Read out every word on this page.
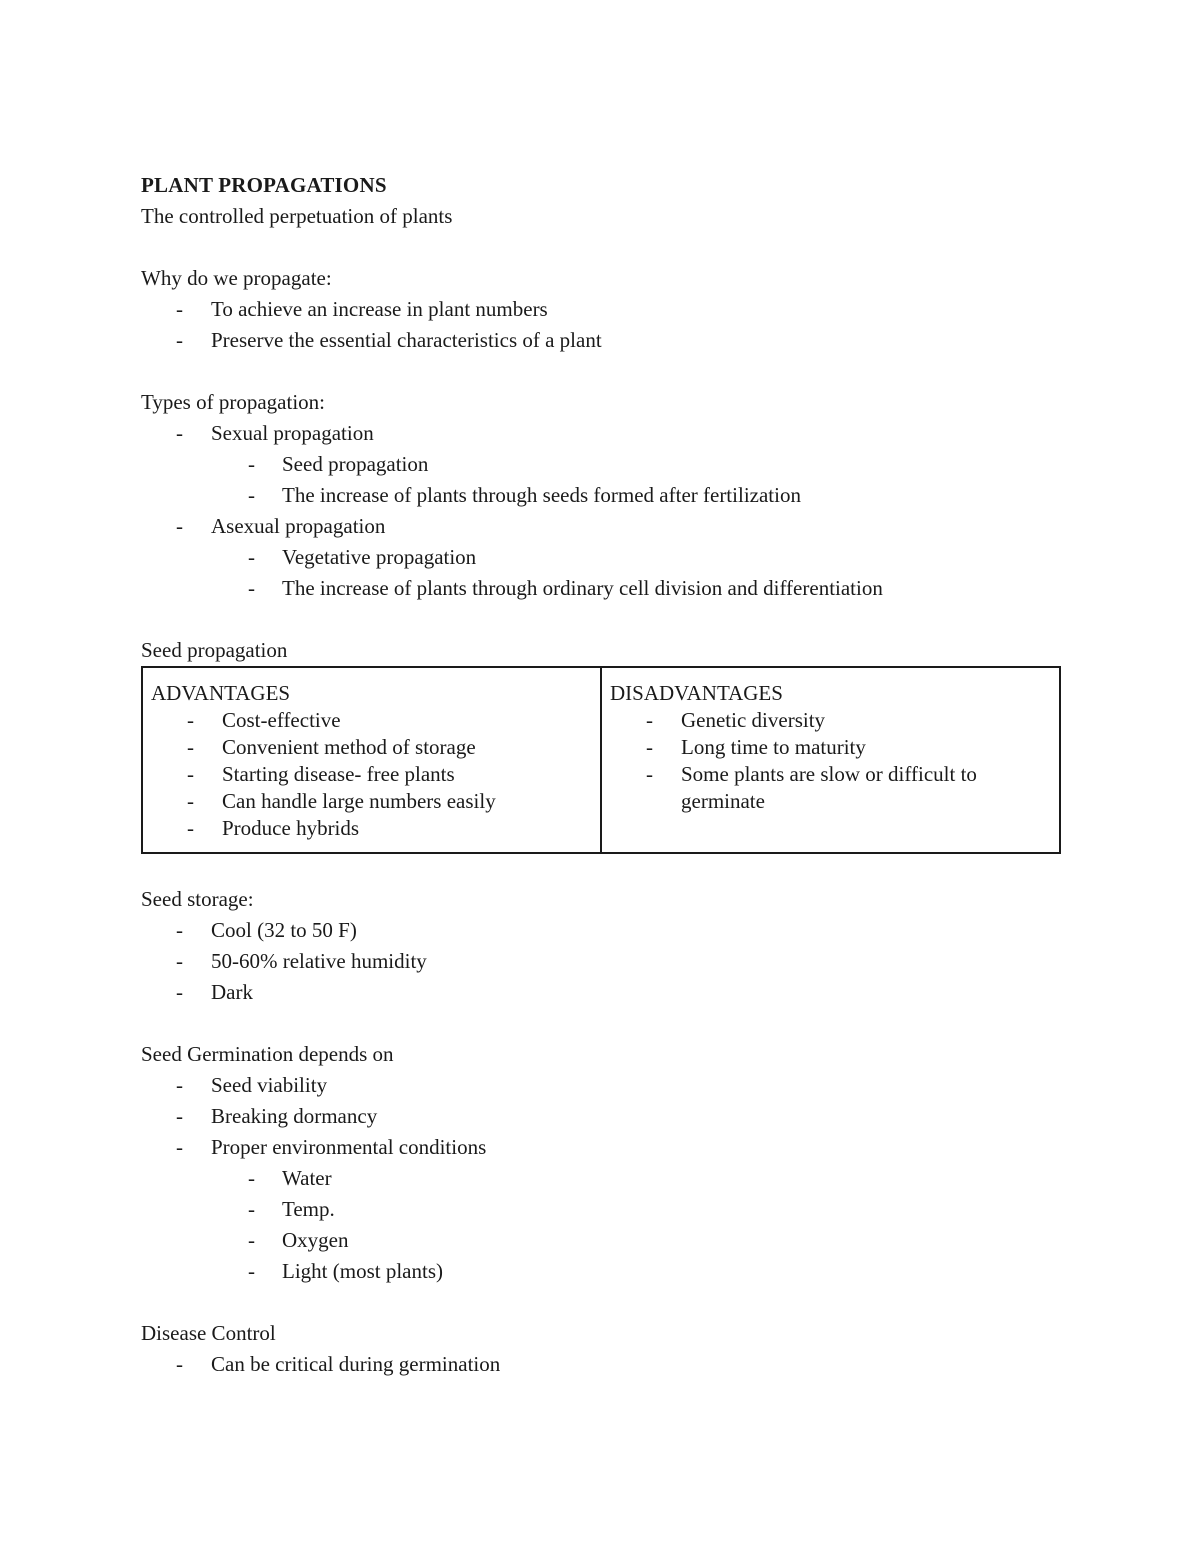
PLANT PROPAGATIONS
The controlled perpetuation of plants
Why do we propagate:
- To achieve an increase in plant numbers
- Preserve the essential characteristics of a plant
Types of propagation:
- Sexual propagation
- Seed propagation
- The increase of plants through seeds formed after fertilization
- Asexual propagation
- Vegetative propagation
- The increase of plants through ordinary cell division and differentiation
Seed propagation
ADVANTAGES
- Cost-effective
- Convenient method of storage
- Starting disease- free plants
- Can handle large numbers easily
- Produce hybrids

DISADVANTAGES
- Genetic diversity
- Long time to maturity
- Some plants are slow or difficult to germinate
Seed storage:
- Cool (32 to 50 F)
- 50-60% relative humidity
- Dark
Seed Germination depends on
- Seed viability
- Breaking dormancy
- Proper environmental conditions
- Water
- Temp.
- Oxygen
- Light (most plants)
Disease Control
- Can be critical during germination
